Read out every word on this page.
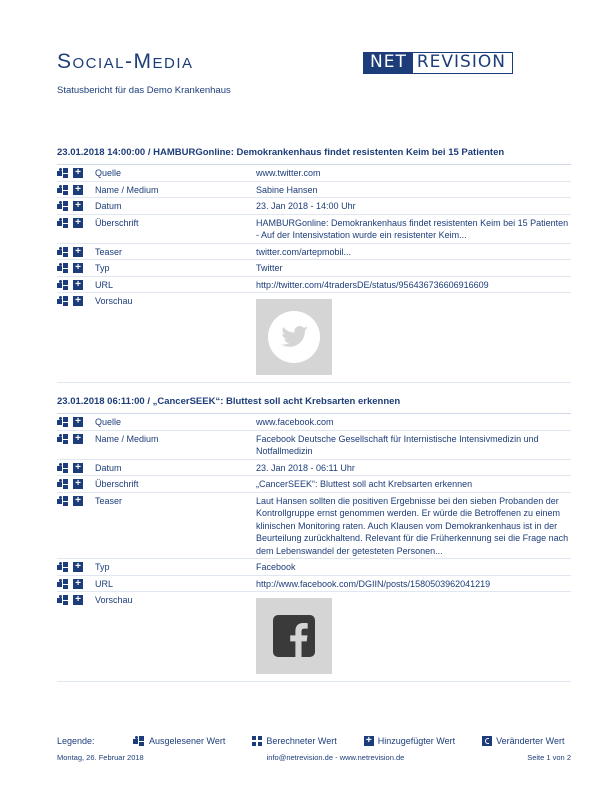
Social-Media
Statusbericht für das Demo Krankenhaus
NET REVISION
23.01.2018 14:00:00 / HAMBURGonline: Demokrankenhaus findet resistenten Keim bei 15 Patienten
+ Quelle	www.twitter.com
+ Name / Medium	Sabine Hansen
+ Datum	23. Jan 2018 - 14:00 Uhr
+ Überschrift	HAMBURGonline: Demokrankenhaus findet resistenten Keim bei 15 Patienten - Auf der Intensivstation wurde ein resistenter Keim...
+ Teaser	twitter.com/artepmobil...
+ Typ	Twitter
+ URL	http://twitter.com/4tradersDE/status/956436736606916609
+ Vorschau
23.01.2018 06:11:00 / „CancerSEEK“: Bluttest soll acht Krebsarten erkennen
+ Quelle	www.facebook.com
+ Name / Medium	Facebook Deutsche Gesellschaft für Internistische Intensivmedizin und Notfallmedizin
+ Datum	23. Jan 2018 - 06:11 Uhr
+ Überschrift	„CancerSEEK“: Bluttest soll acht Krebsarten erkennen
+ Teaser	Laut Hansen sollten die positiven Ergebnisse bei den sieben Probanden der Kontrollgruppe ernst genommen werden. Er würde die Betroffenen zu einem klinischen Monitoring raten. Auch Klausen vom Demokrankenhaus ist in der Beurteilung zurückhaltend. Relevant für die Früherkennung sei die Frage nach dem Lebenswandel der getesteten Personen...
+ Typ	Facebook
+ URL	http://www.facebook.com/DGIIN/posts/1580503962041219
+ Vorschau
Legende:	Ausgelesener Wert	Berechneter Wert	+ Hinzugefügter Wert	Veränderter Wert
Montag, 26. Februar 2018	info@netrevision.de - www.netrevision.de	Seite 1 von 2
